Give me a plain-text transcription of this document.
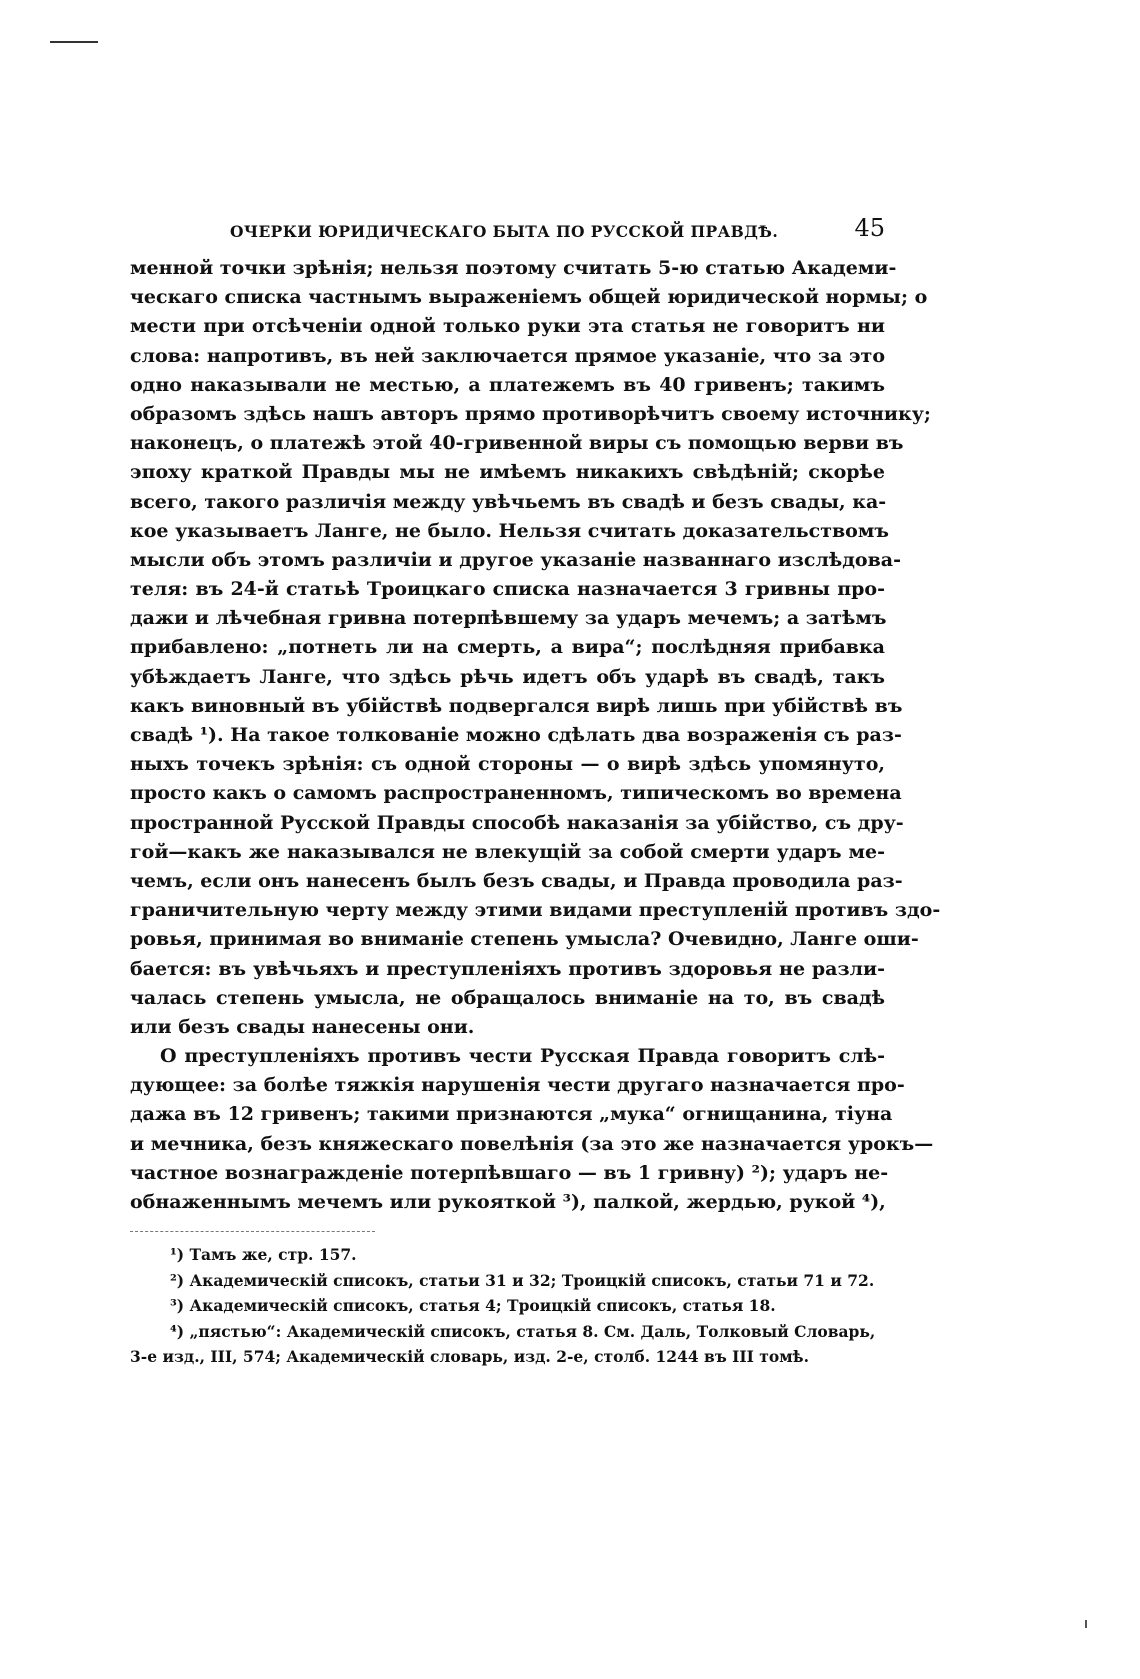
ОЧЕРКИ ЮРИДИЧЕСКАГО БЫТА ПО РУССКОЙ ПРАВДѢ.	45
менной точки зрѣнія; нельзя поэтому считать 5-ю статью Академи-
ческаго списка частнымъ выраженіемъ общей юридической нормы; о
мести при отсѣченіи одной только руки эта статья не говоритъ ни
слова: напротивъ, въ ней заключается прямое указаніе, что за это
одно наказывали не местью, а платежемъ въ 40 гривенъ; такимъ
образомъ здѣсь нашъ авторъ прямо противорѣчитъ своему источнику;
наконецъ, о платежѣ этой 40-гривенной виры съ помощью верви въ
эпоху краткой Правды мы не имѣемъ никакихъ свѣдѣній; скорѣе
всего, такого различія между увѣчьемъ въ свадѣ и безъ свады, ка-
кое указываетъ Ланге, не было. Нельзя считать доказательствомъ
мысли объ этомъ различіи и другое указаніе названнаго изслѣдова-
теля: въ 24-й статьѣ Троицкаго списка назначается 3 гривны про-
дажи и лѣчебная гривна потерпѣвшему за ударъ мечемъ; а затѣмъ
прибавлено: „потнеть ли на смерть, а вира“; послѣдняя прибавка
убѣждаетъ Ланге, что здѣсь рѣчь идетъ объ ударѣ въ свадѣ, такъ
какъ виновный въ убійствѣ подвергался вирѣ лишь при убійствѣ въ
свадѣ ¹). На такое толкованіе можно сдѣлать два возраженія съ раз-
ныхъ точекъ зрѣнія: съ одной стороны — о вирѣ здѣсь упомянуто,
просто какъ о самомъ распространенномъ, типическомъ во времена
пространной Русской Правды способѣ наказанія за убійство, съ дру-
гой—какъ же наказывался не влекущій за собой смерти ударъ ме-
чемъ, если онъ нанесенъ былъ безъ свады, и Правда проводила раз-
граничительную черту между этими видами преступленій противъ здо-
ровья, принимая во вниманіе степень умысла? Очевидно, Ланге оши-
бается: въ увѣчьяхъ и преступленіяхъ противъ здоровья не разли-
чалась степень умысла, не обращалось вниманіе на то, въ свадѣ
или безъ свады нанесены они.
О преступленіяхъ противъ чести Русская Правда говоритъ слѣ-
дующее: за болѣе тяжкія нарушенія чести другаго назначается про-
дажа въ 12 гривенъ; такими признаются „мука“ огнищанина, тіуна
и мечника, безъ княжескаго повелѣнія (за это же назначается урокъ—
частное вознагражденіе потерпѣвшаго — въ 1 гривну) ²); ударъ не-
обнаженнымъ мечемъ или рукояткой ³), палкой, жердью, рукой ⁴),
¹) Тамъ же, стр. 157.
²) Академическій списокъ, статьи 31 и 32; Троицкій списокъ, статьи 71 и 72.
³) Академическій списокъ, статья 4; Троицкій списокъ, статья 18.
⁴) „пястью“: Академическій списокъ, статья 8. См. Даль, Толковый Словарь,
3-е изд., III, 574; Академическій словарь, изд. 2-е, столб. 1244 въ III томѣ.
